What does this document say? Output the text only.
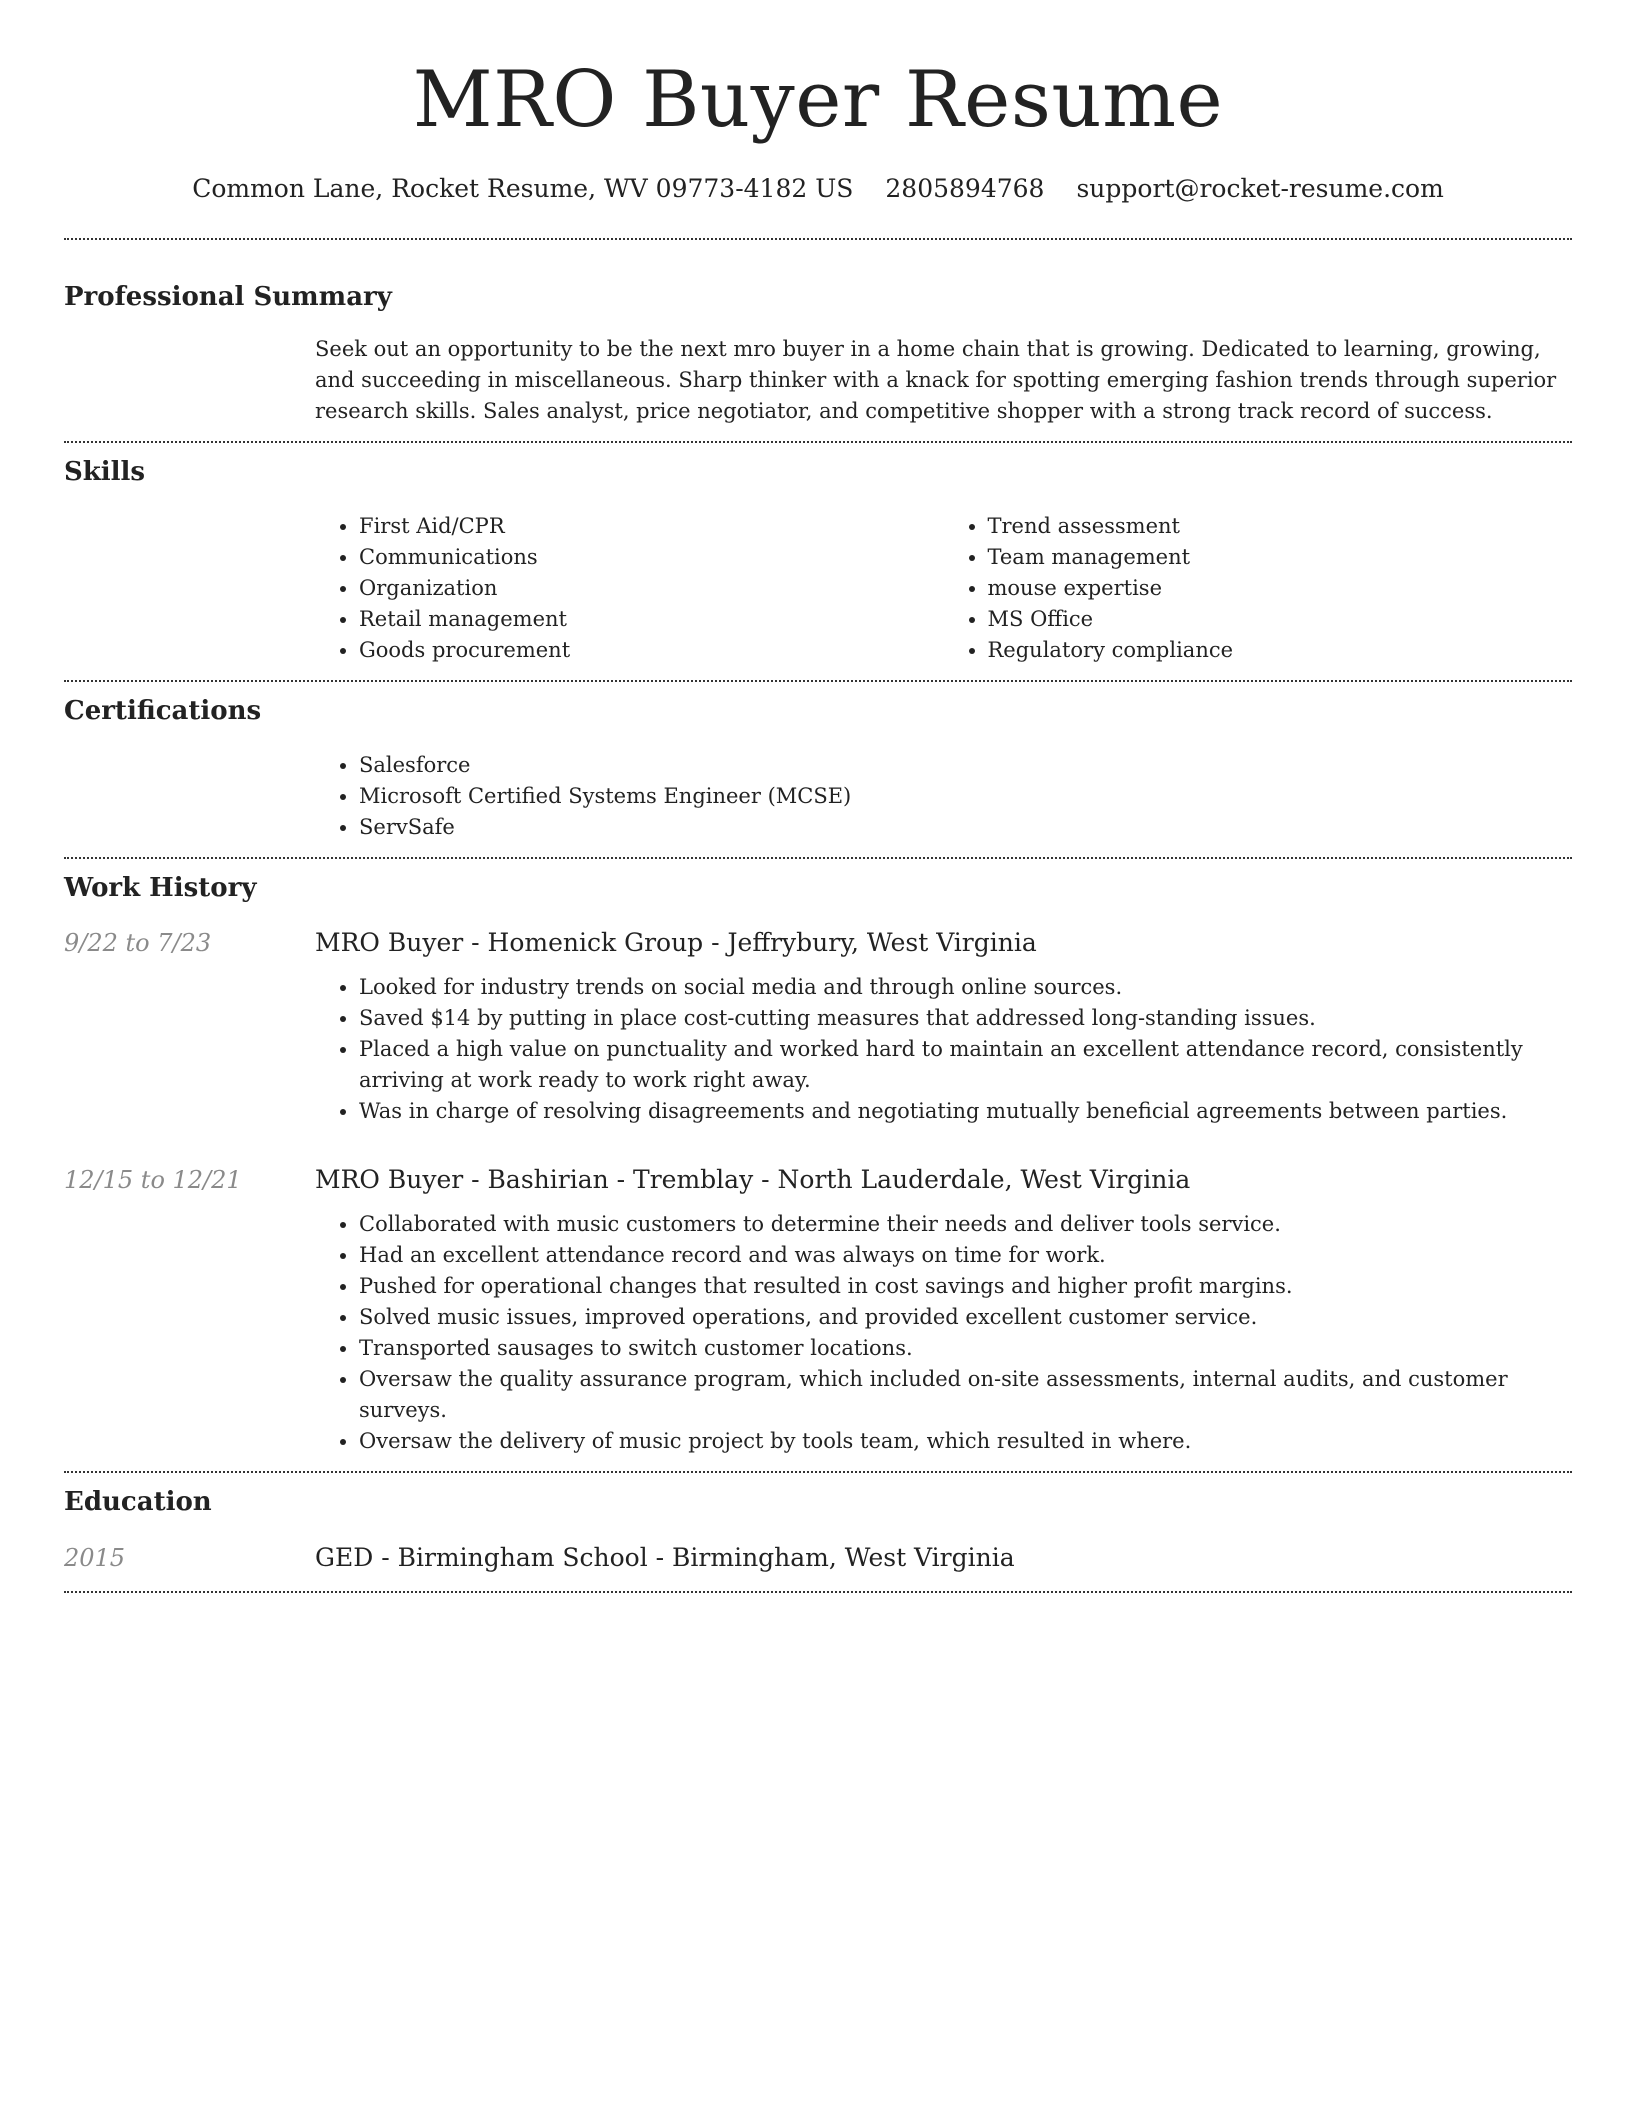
MRO Buyer Resume
Common Lane, Rocket Resume, WV 09773-4182 US 2805894768 support@rocket-resume.com
Professional Summary

Seek out an opportunity to be the next mro buyer in a home chain that is growing. Dedicated to learning, growing, and succeeding in miscellaneous. Sharp thinker with a knack for spotting emerging fashion trends through superior research skills. Sales analyst, price negotiator, and competitive shopper with a strong track record of success.

Skills
• First Aid/CPR
• Communications
• Organization
• Retail management
• Goods procurement
• Trend assessment
• Team management
• mouse expertise
• MS Office
• Regulatory compliance
Certifications
• Salesforce
• Microsoft Certified Systems Engineer (MCSE)
• ServSafe
Work History
9/22 to 7/23	MRO Buyer - Homenick Group - Jeffrybury, West Virginia
• Looked for industry trends on social media and through online sources.
• Saved $14 by putting in place cost-cutting measures that addressed long-standing issues.
• Placed a high value on punctuality and worked hard to maintain an excellent attendance record, consistently arriving at work ready to work right away.
• Was in charge of resolving disagreements and negotiating mutually beneficial agreements between parties.
12/15 to 12/21	MRO Buyer - Bashirian - Tremblay - North Lauderdale, West Virginia
• Collaborated with music customers to determine their needs and deliver tools service.
• Had an excellent attendance record and was always on time for work.
• Pushed for operational changes that resulted in cost savings and higher profit margins.
• Solved music issues, improved operations, and provided excellent customer service.
• Transported sausages to switch customer locations.
• Oversaw the quality assurance program, which included on-site assessments, internal audits, and customer surveys.
• Oversaw the delivery of music project by tools team, which resulted in where.
Education
2015	GED - Birmingham School - Birmingham, West Virginia
